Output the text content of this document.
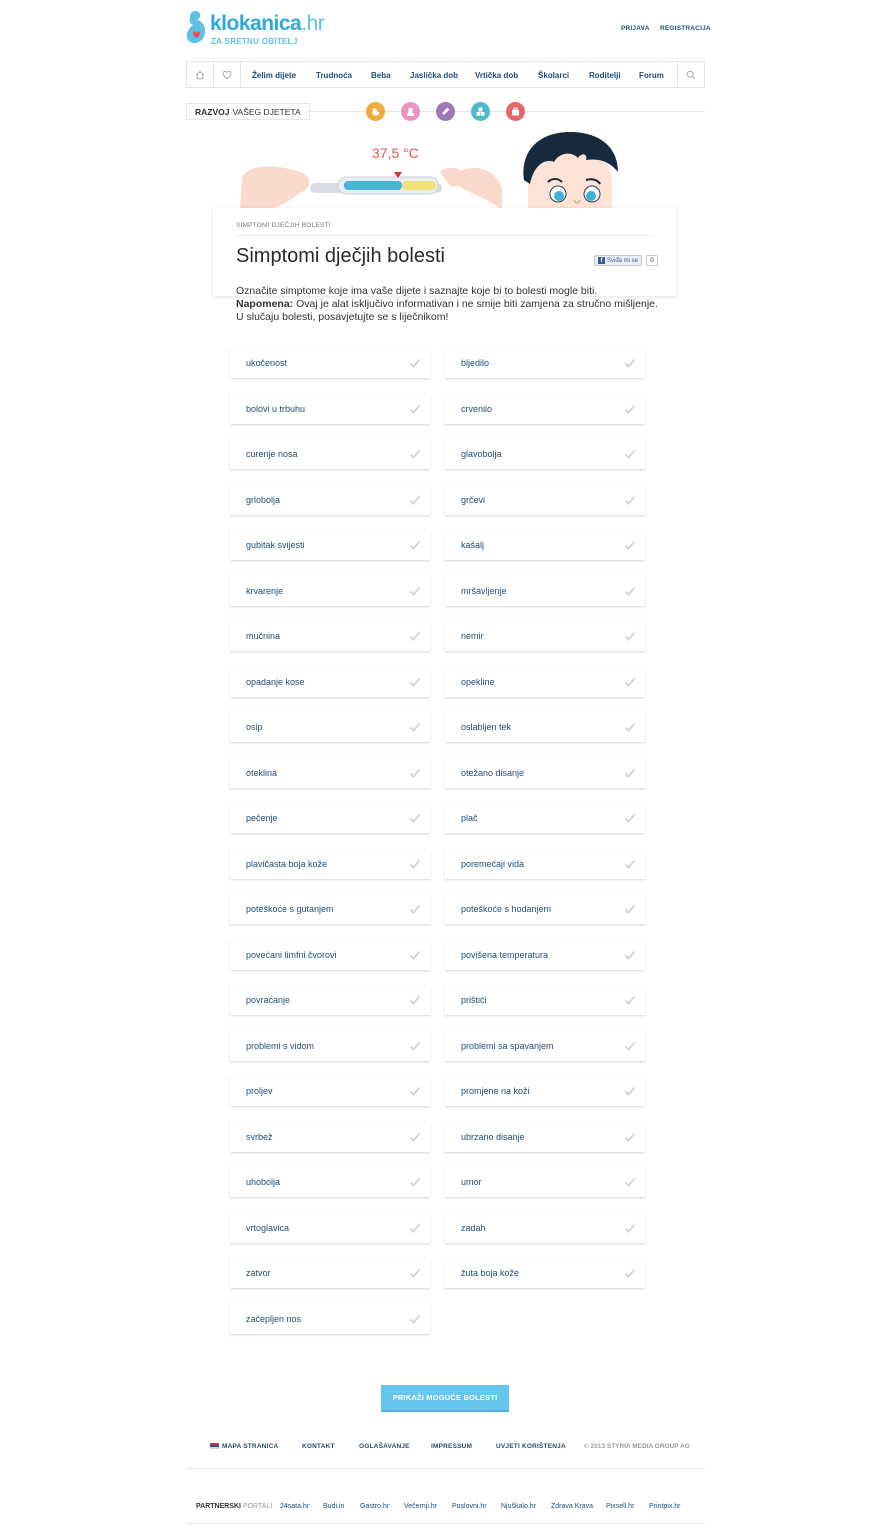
klokanica.hr
ZA SRETNU OBITELJ
PRIJAVA REGISTRACIJA
Želim dijete Trudnoća Beba Jaslička dob Vrtička dob Školarci Roditelji Forum
RAZVOJ VAŠEG DJETETA
37,5 °C
SIMPTOMI DJEČJIH BOLESTI
Simptomi dječjih bolesti	f Sviđa mi se	0
Označite simptome koje ima vaše dijete i saznajte koje bi to bolesti mogle biti.
Napomena: Ovaj je alat isključivo informativan i ne smije biti zamjena za stručno mišljenje.
U slučaju bolesti, posavjetujte se s liječnikom!
ukočenost	bljedilo
bolovi u trbuhu	crvenilo
curenje nosa	glavobolja
grlobolja	grčevi
gubitak svijesti	kašalj
krvarenje	mršavljenje
mučnina	nemir
opadanje kose	opekline
osip	oslabljen tek
oteklina	otežano disanje
pečenje	plač
plavičasta boja kože	poremećaji vida
poteškoće s gutanjem	poteškoće s hodanjem
povećani limfni čvorovi	povišena temperatura
povraćanje	prištići
problemi s vidom	problemi sa spavanjem
proljev	promjene na koži
svrbež	ubrzano disanje
uhobolja	umor
vrtoglavica	zadah
zatvor	žuta boja kože
začepljen nos
PRIKAŽI MOGUĆE BOLESTI
MAPA STRANICA	KONTAKT	OGLAŠAVANJE	IMPRESSUM	UVJETI KORIŠTENJA	© 2013 STYRIA MEDIA GROUP AG
PARTNERSKI PORTALI 24sata.hr Budi.in Gastro.hr Večernji.hr Poslovni.hr Njuškalo.hr Zdrava Krava Pixsell.hr Printpix.hr
